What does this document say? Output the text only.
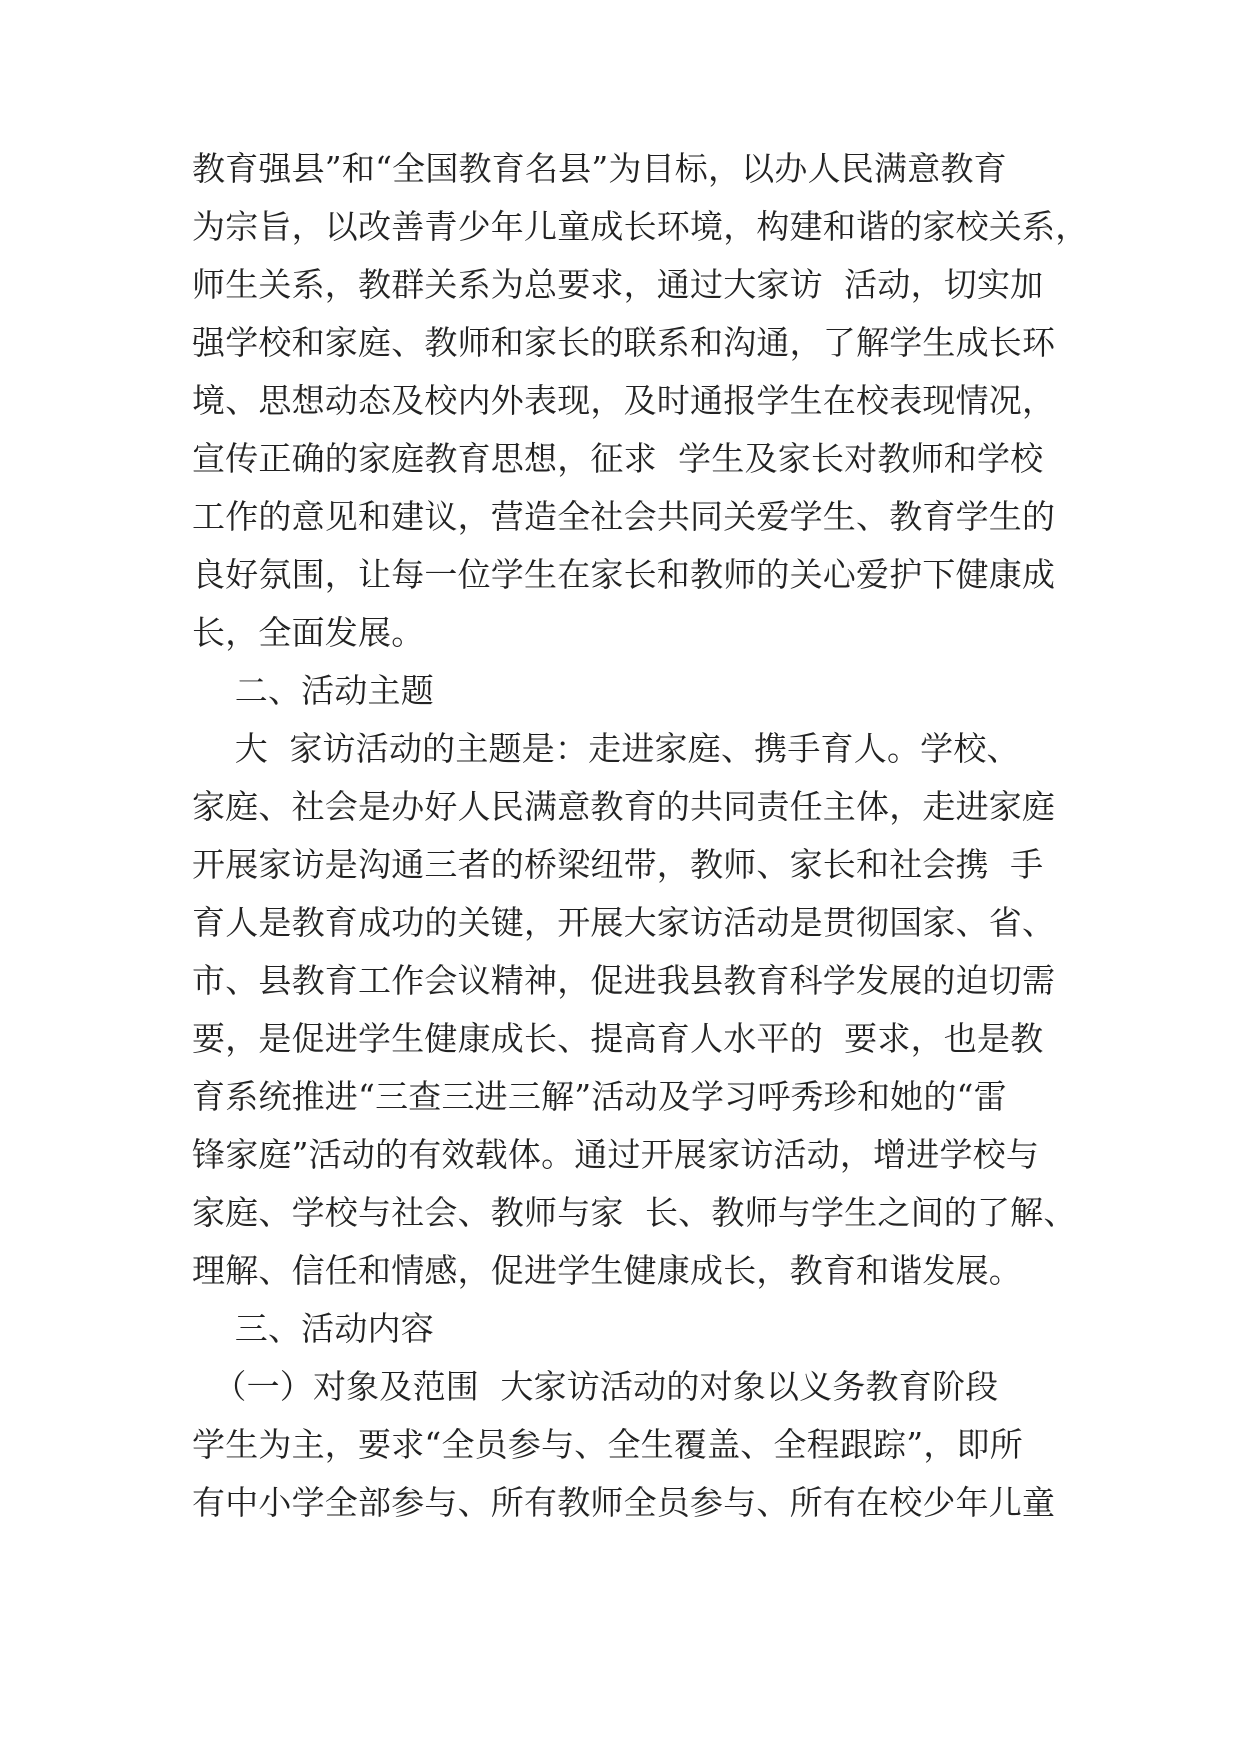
教育强县”和“全国教育名县”为目标，以办人民满意教育
为宗旨，以改善青少年儿童成长环境，构建和谐的家校关系，
师生关系，教群关系为总要求，通过大家访  活动，切实加
强学校和家庭、教师和家长的联系和沟通，了解学生成长环
境、思想动态及校内外表现，及时通报学生在校表现情况，
宣传正确的家庭教育思想，征求  学生及家长对教师和学校
工作的意见和建议，营造全社会共同关爱学生、教育学生的
良好氛围，让每一位学生在家长和教师的关心爱护下健康成
长，全面发展。
二、活动主题
大  家访活动的主题是：走进家庭、携手育人。学校、
家庭、社会是办好人民满意教育的共同责任主体，走进家庭
开展家访是沟通三者的桥梁纽带，教师、家长和社会携  手
育人是教育成功的关键，开展大家访活动是贯彻国家、省、
市、县教育工作会议精神，促进我县教育科学发展的迫切需
要，是促进学生健康成长、提高育人水平的  要求，也是教
育系统推进“三查三进三解”活动及学习呼秀珍和她的“雷
锋家庭”活动的有效载体。通过开展家访活动，增进学校与
家庭、学校与社会、教师与家  长、教师与学生之间的了解、
理解、信任和情感，促进学生健康成长，教育和谐发展。
三、活动内容
（一）对象及范围  大家访活动的对象以义务教育阶段
学生为主，要求“全员参与、全生覆盖、全程跟踪”，即所
有中小学全部参与、所有教师全员参与、所有在校少年儿童
